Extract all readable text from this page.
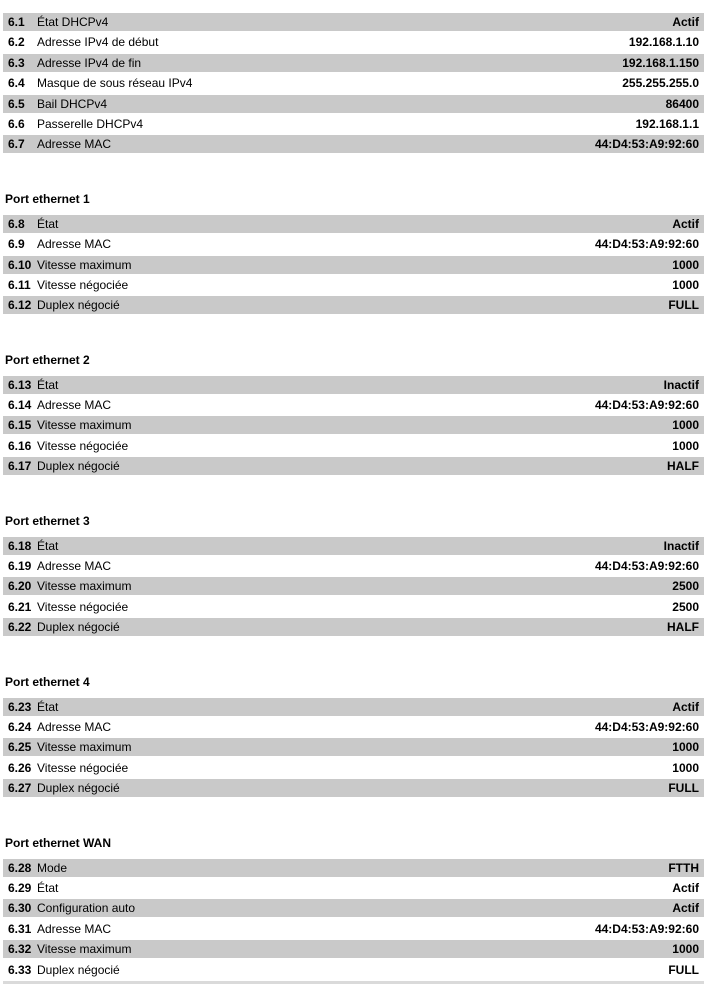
6.1	État DHCPv4	Actif
6.2	Adresse IPv4 de début	192.168.1.10
6.3	Adresse IPv4 de fin	192.168.1.150
6.4	Masque de sous réseau IPv4	255.255.255.0
6.5	Bail DHCPv4	86400
6.6	Passerelle DHCPv4	192.168.1.1
6.7	Adresse MAC	44:D4:53:A9:92:60
Port ethernet 1
6.8	État	Actif
6.9	Adresse MAC	44:D4:53:A9:92:60
6.10 Vitesse maximum	1000
6.11 Vitesse négociée	1000
6.12 Duplex négocié	FULL
Port ethernet 2
6.13 État	Inactif
6.14 Adresse MAC	44:D4:53:A9:92:60
6.15 Vitesse maximum	1000
6.16 Vitesse négociée	1000
6.17 Duplex négocié	HALF
Port ethernet 3
6.18 État	Inactif
6.19 Adresse MAC	44:D4:53:A9:92:60
6.20 Vitesse maximum	2500
6.21 Vitesse négociée	2500
6.22 Duplex négocié	HALF
Port ethernet 4
6.23 État	Actif
6.24 Adresse MAC	44:D4:53:A9:92:60
6.25 Vitesse maximum	1000
6.26 Vitesse négociée	1000
6.27 Duplex négocié	FULL
Port ethernet WAN
6.28 Mode	FTTH
6.29 État	Actif
6.30 Configuration auto	Actif
6.31 Adresse MAC	44:D4:53:A9:92:60
6.32 Vitesse maximum	1000
6.33 Duplex négocié	FULL
